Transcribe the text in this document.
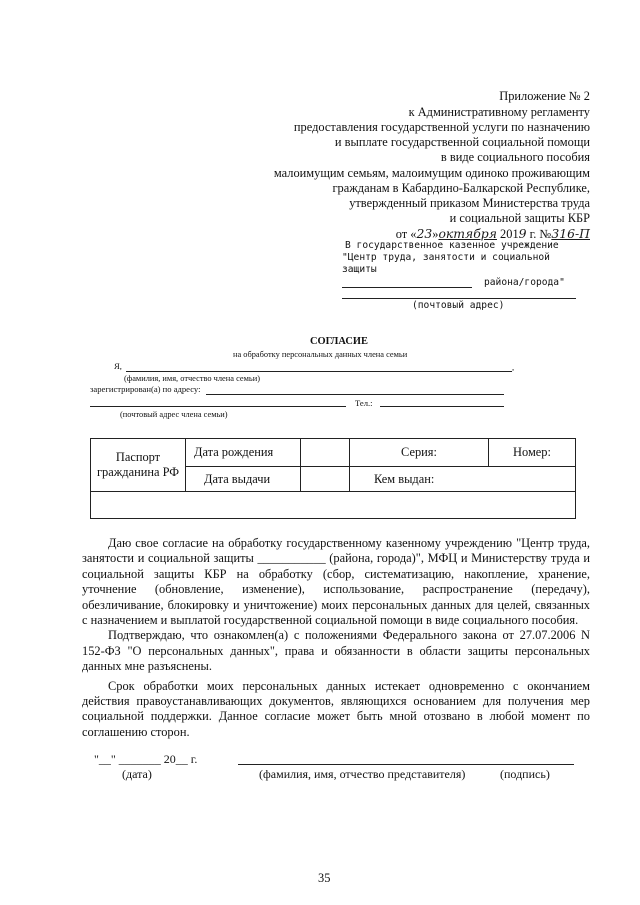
Приложение № 2
к Административному регламенту
предоставления государственной услуги по назначению
и выплате государственной социальной помощи
в виде социального пособия
малоимущим семьям, малоимущим одиноко проживающим
гражданам в Кабардино-Балкарской Республике,
утвержденный приказом Министерства труда
и социальной защиты КБР
от «23»октября 2019 г. №316-П
В государственное казенное учреждение
"Центр труда, занятости и социальной
защиты
района/города"
(почтовый адрес)
СОГЛАСИЕ
на обработку персональных данных члена семьи
Я,	,
(фамилия, имя, отчество члена семьи)
зарегистрирован(а) по адресу:
Тел.:
(почтовый адрес члена семьи)
Паспорт гражданина РФ	Дата рождения		Серия:	Номер:
	Дата выдачи		Кем выдан:	

Даю свое согласие на обработку государственному казенному учреждению "Центр труда, занятости и социальной защиты ___________ (района, города)", МФЦ и Министерству труда и социальной защиты КБР на обработку (сбор, систематизацию, накопление, хранение, уточнение (обновление, изменение), использование, распространение (передачу), обезличивание, блокировку и уничтожение) моих персональных данных для целей, связанных с назначением и выплатой государственной социальной помощи в виде социального пособия.

Подтверждаю, что ознакомлен(а) с положениями Федерального закона от 27.07.2006 N 152-ФЗ "О персональных данных", права и обязанности в области защиты персональных данных мне разъяснены.

Срок обработки моих персональных данных истекает одновременно с окончанием действия правоустанавливающих документов, являющихся основанием для получения мер социальной поддержки. Данное согласие может быть мной отозвано в любой момент по соглашению сторон.

"__" _______ 20__ г.
(дата)	(фамилия, имя, отчество представителя)	(подпись)
35
